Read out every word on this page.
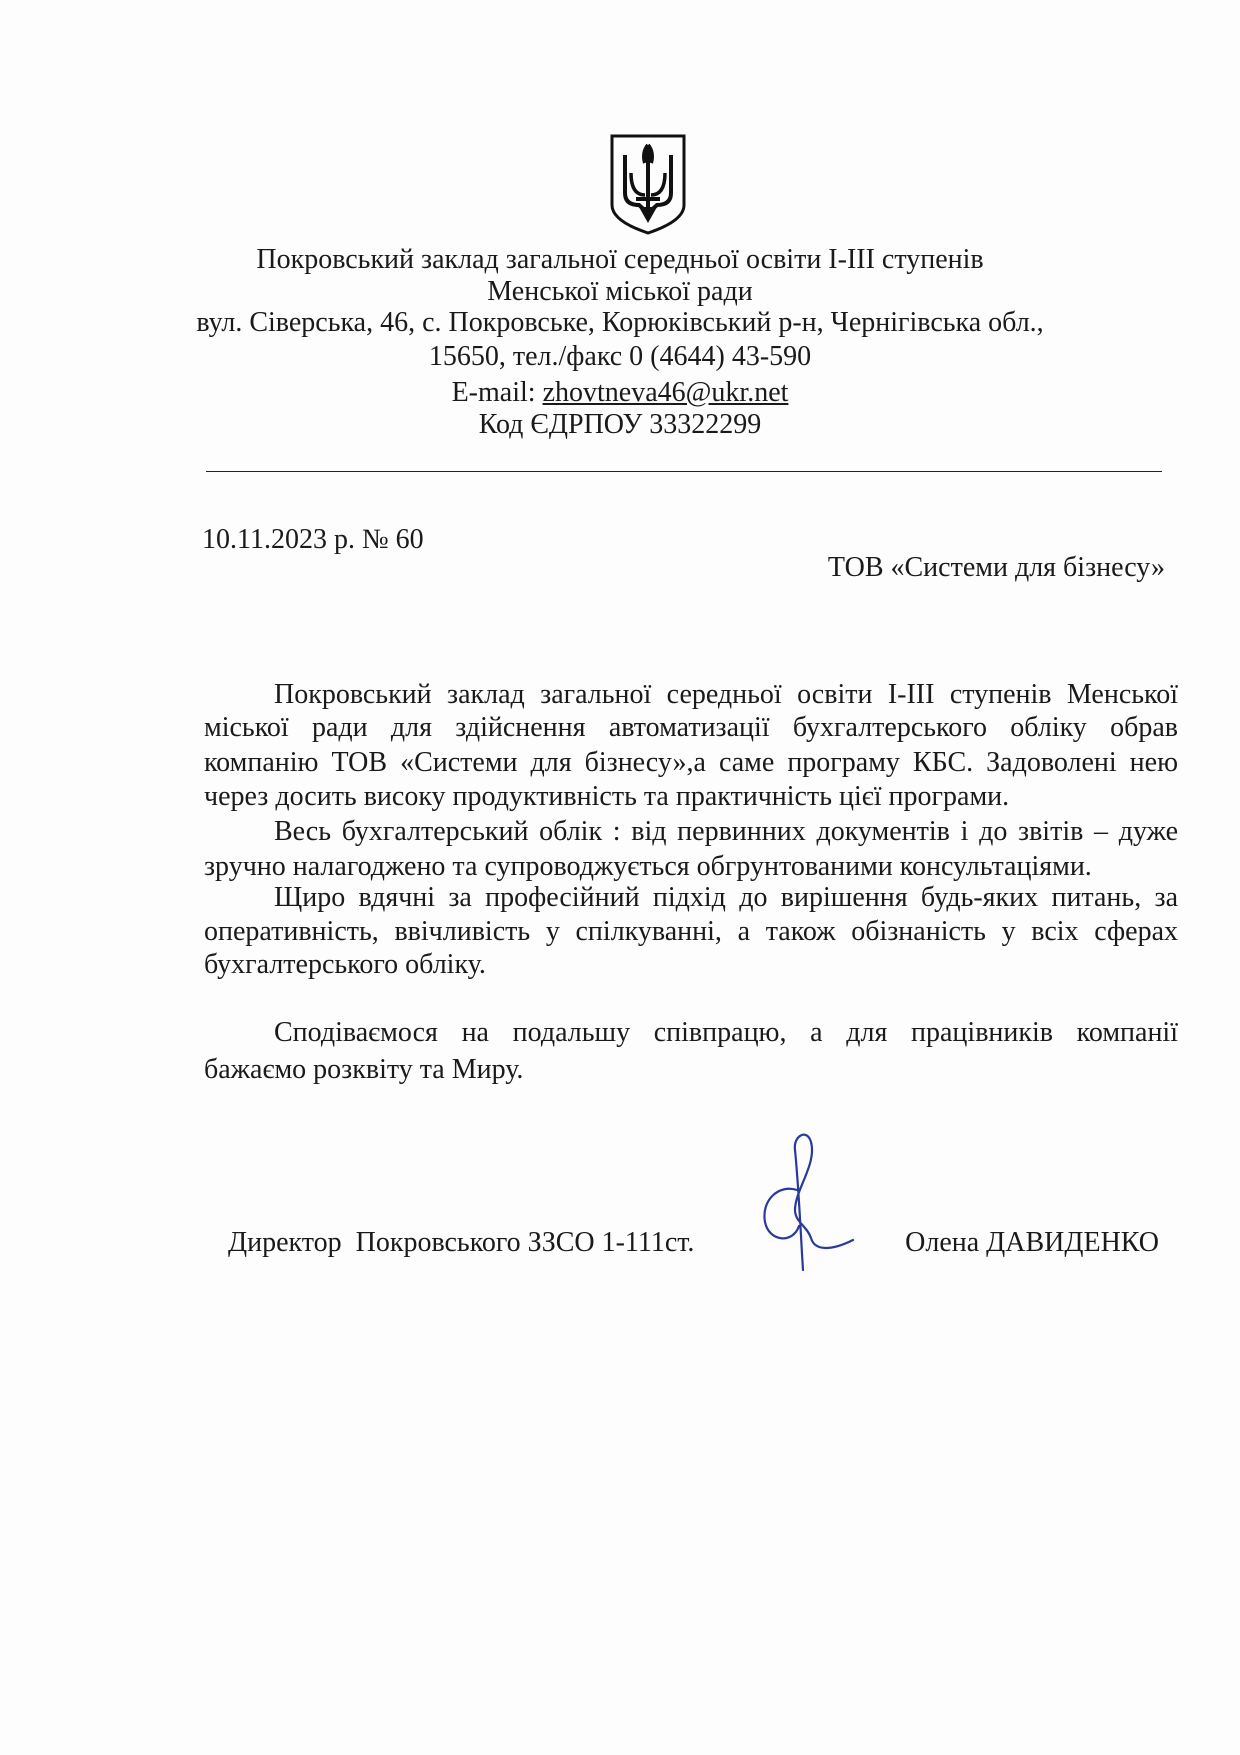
Покровський заклад загальної середньої освіти І-ІІІ ступенів
Менської міської ради
вул. Сіверська, 46, с. Покровське, Корюківський р-н, Чернігівська обл.,
15650, тел./факс 0 (4644) 43-590
E-mail: zhovtneva46@ukr.net
Код ЄДРПОУ 33322299
10.11.2023 р. № 60
ТОВ «Системи для бізнесу»
Покровський заклад загальної середньої освіти І-ІІІ ступенів Менської
міської ради для здійснення автоматизації бухгалтерського обліку обрав
компанію ТОВ «Системи для бізнесу»,а саме програму КБС. Задоволені нею
через досить високу продуктивність та практичність цієї програми.
Весь бухгалтерський облік : від первинних документів і до звітів – дуже
зручно налагоджено та супроводжується обгрунтованими консультаціями.
Щиро вдячні за професійний підхід до вирішення будь-яких питань, за
оперативність, ввічливість у спілкуванні, а також обізнаність у всіх сферах
бухгалтерського обліку.
Сподіваємося на подальшу співпрацю, а для працівників компанії
бажаємо розквіту та Миру.
Директор  Покровського ЗЗСО 1-111ст.	Олена ДАВИДЕНКО
